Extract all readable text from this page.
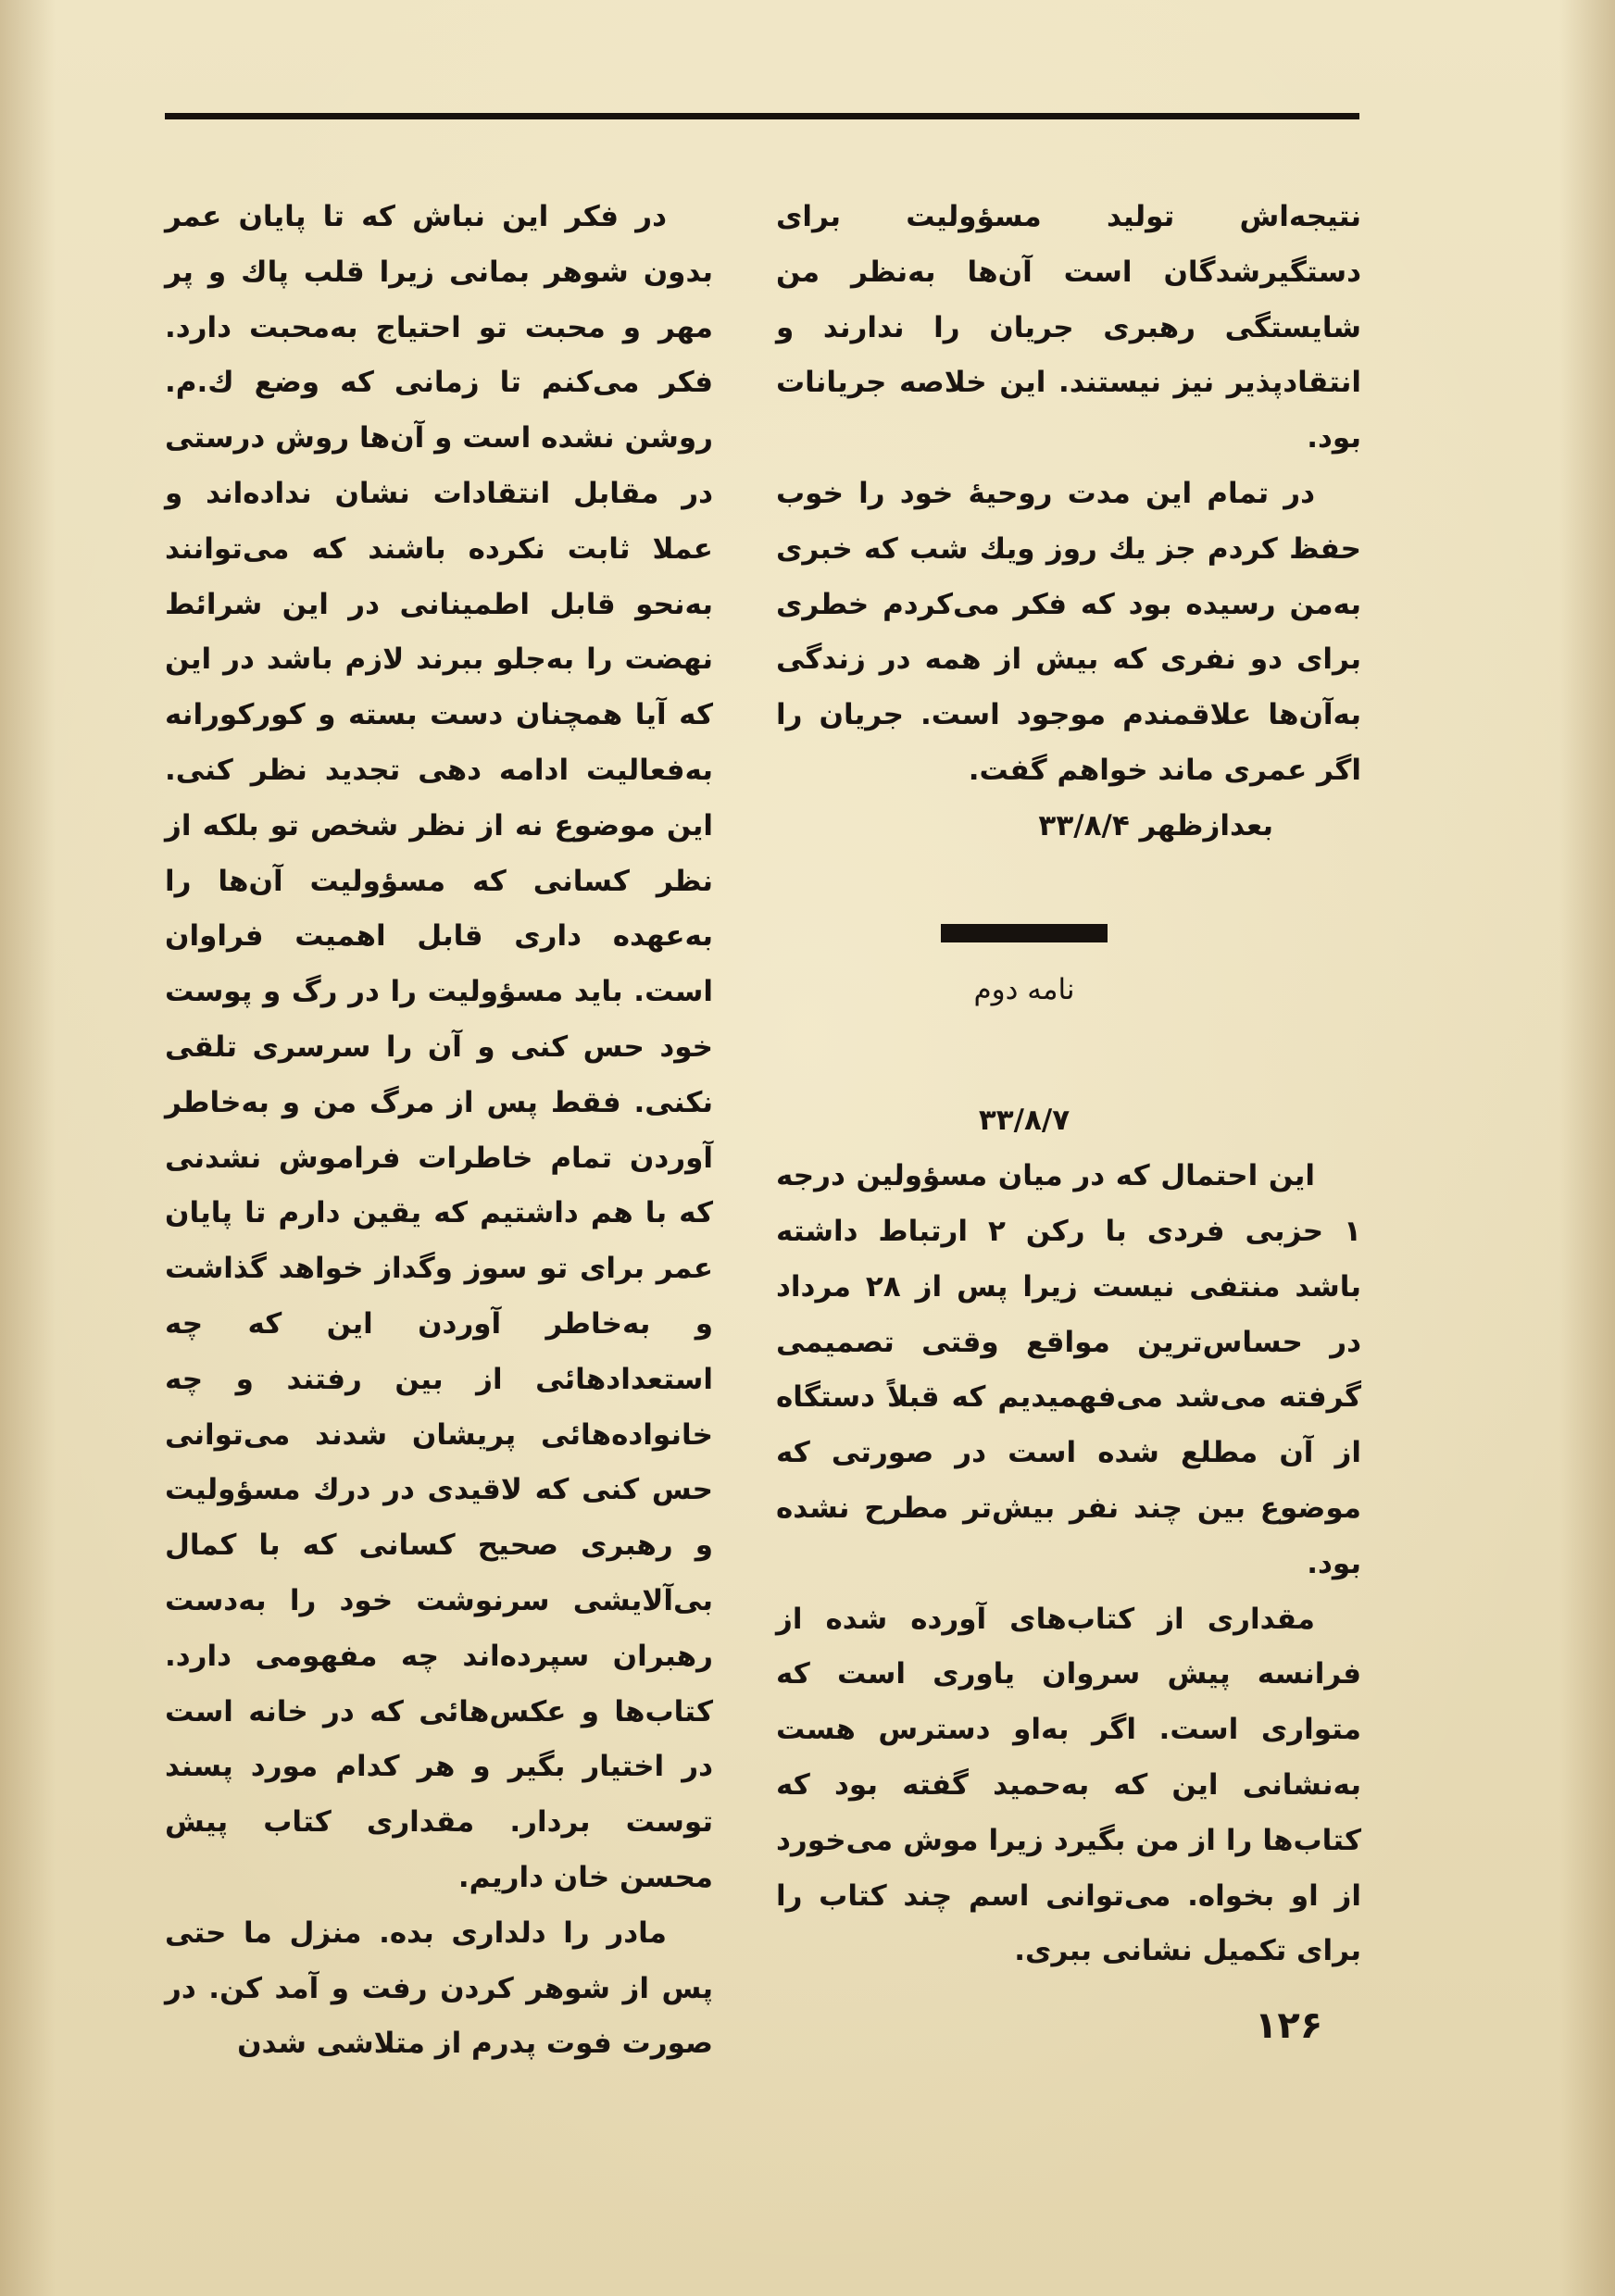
نتیجه‌اش تولید مسؤولیت برای دستگیرشدگان است آن‌ها به‌نظر من شایستگی رهبری جریان را ندارند و انتقادپذیر نیز نیستند. این خلاصه جریانات بود.

در تمام این مدت روحیهٔ خود را خوب حفظ کردم جز یك روز ویك شب که خبری به‌من رسیده بود که فکر می‌کردم خطری برای دو نفری که بیش از همه در زندگی به‌آن‌ها علاقمندم موجود است. جریان را اگر عمری ماند خواهم گفت.

بعدازظهر ۳۳/۸/۴

نامه دوم

۳۳/۸/۷

این احتمال که در میان مسؤولین درجه ۱ حزبی فردی با رکن ۲ ارتباط داشته باشد منتفی نیست زیرا پس از ۲۸ مرداد در حساس‌ترین مواقع وقتی تصمیمی گرفته می‌شد می‌فهمیدیم که قبلاً دستگاه از آن مطلع شده است در صورتی که موضوع بین چند نفر بیش‌تر مطرح نشده بود.

مقداری از کتاب‌های آورده شده از فرانسه پیش سروان یاوری است که متواری است. اگر به‌او دسترس هست به‌نشانی این که به‌حمید گفته بود که کتاب‌ها را از من بگیرد زیرا موش می‌خورد از او بخواه. می‌توانی اسم چند کتاب را برای تکمیل نشانی ببری.

در فکر این نباش که تا پایان عمر بدون شوهر بمانی زیرا قلب پاك و پر مهر و محبت تو احتیاج به‌محبت دارد. فکر می‌کنم تا زمانی که وضع ك.م. روشن نشده است و آن‌ها روش درستی در مقابل انتقادات نشان نداده‌اند و عملا ثابت نکرده باشند که می‌توانند به‌نحو قابل اطمینانی در این شرائط نهضت را به‌جلو ببرند لازم باشد در این که آیا همچنان دست بسته و کورکورانه به‌فعالیت ادامه دهی تجدید نظر کنی. این موضوع نه از نظر شخص تو بلکه از نظر کسانی که مسؤولیت آن‌ها را به‌عهده داری قابل اهمیت فراوان است. باید مسؤولیت را در رگ و پوست خود حس کنی و آن را سرسری تلقی نکنی. فقط پس از مرگ من و به‌خاطر آوردن تمام خاطرات فراموش نشدنی که با هم داشتیم که یقین دارم تا پایان عمر برای تو سوز وگداز خواهد گذاشت و به‌خاطر آوردن این که چه استعدادهائی از بین رفتند و چه خانواده‌هائی پریشان شدند می‌توانی حس کنی که لاقیدی در درك مسؤولیت و رهبری صحیح کسانی که با کمال بی‌آلایشی سرنوشت خود را به‌دست رهبران سپرده‌اند چه مفهومی دارد. کتاب‌ها و عکس‌هائی که در خانه است در اختیار بگیر و هر کدام مورد پسند توست بردار. مقداری کتاب پیش محسن خان داریم.

مادر را دلداری بده. منزل ما حتی پس از شوهر کردن رفت و آمد کن. در صورت فوت پدرم از متلاشی شدن	۱۲۶
